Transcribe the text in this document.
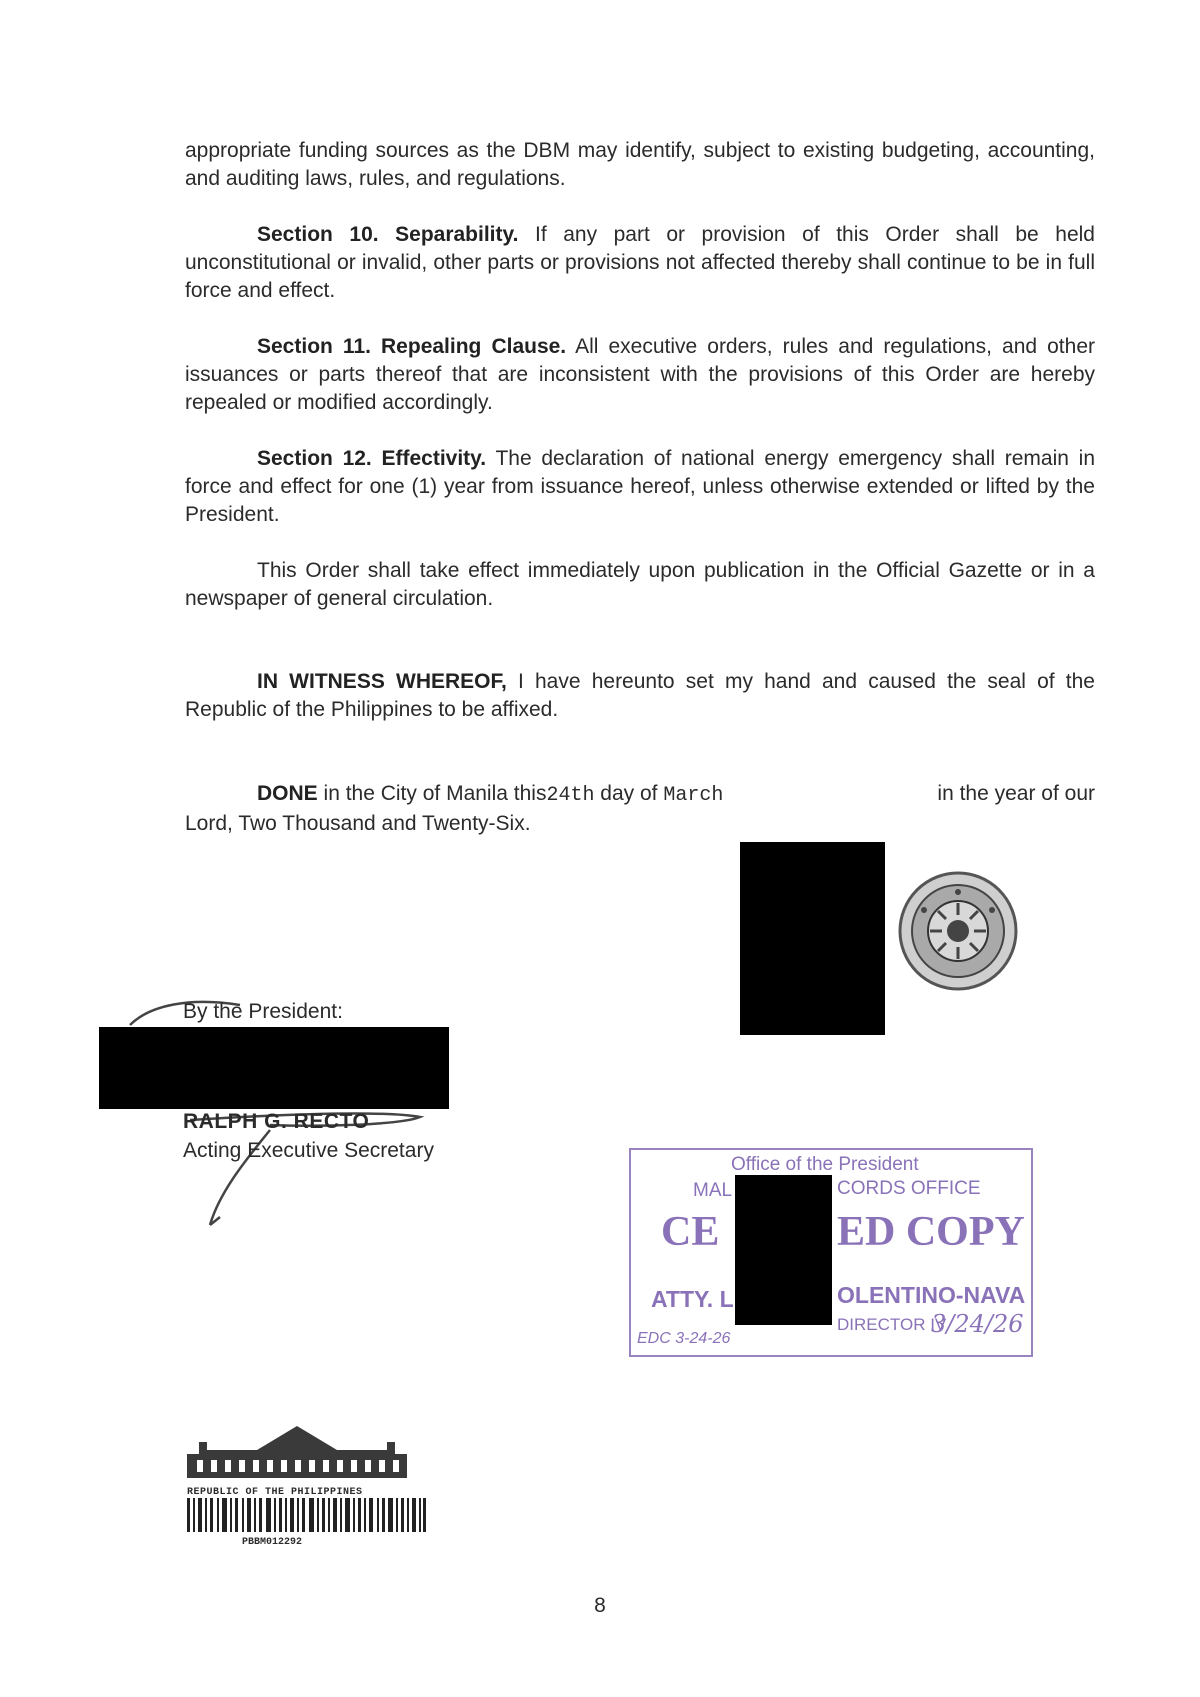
appropriate funding sources as the DBM may identify, subject to existing budgeting, accounting, and auditing laws, rules, and regulations.

Section 10. Separability. If any part or provision of this Order shall be held unconstitutional or invalid, other parts or provisions not affected thereby shall continue to be in full force and effect.

Section 11. Repealing Clause. All executive orders, rules and regulations, and other issuances or parts thereof that are inconsistent with the provisions of this Order are hereby repealed or modified accordingly.

Section 12. Effectivity. The declaration of national energy emergency shall remain in force and effect for one (1) year from issuance hereof, unless otherwise extended or lifted by the President.

This Order shall take effect immediately upon publication in the Official Gazette or in a newspaper of general circulation.

IN WITNESS WHEREOF, I have hereunto set my hand and caused the seal of the Republic of the Philippines to be affixed.

DONE in the City of Manila this24th day of March	in the year of our
Lord, Two Thousand and Twenty-Six.
By the President:
RALPH G. RECTO
Acting Executive Secretary
Office of the President
MAL	CORDS OFFICE
CE	ED COPY
ATTY. L	OLENTINO-NAVA
DIRECTOR IV
EDC 3-24-26
3/24/26
REPUBLIC OF THE PHILIPPINES
PBBM012292
8
